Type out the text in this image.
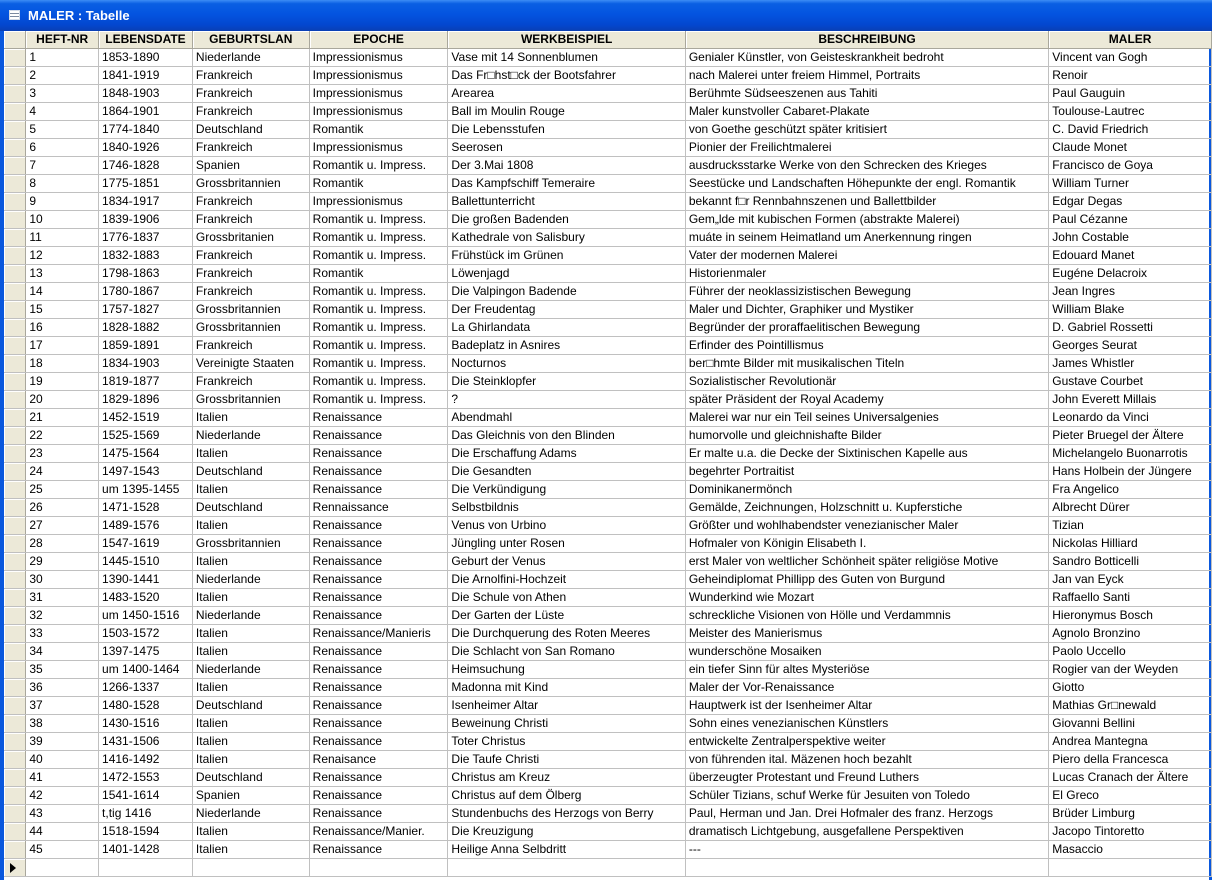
MALER : Tabelle
	HEFT-NR	LEBENSDATE	GEBURTSLAN	EPOCHE	WERKBEISPIEL	BESCHREIBUNG	MALER
	1	1853-1890	Niederlande	Impressionismus	Vase mit 14 Sonnenblumen	Genialer Künstler, von Geisteskrankheit bedroht	Vincent van Gogh
	2	1841-1919	Frankreich	Impressionismus	Das Fr□hst□ck der Bootsfahrer	nach Malerei unter freiem Himmel, Portraits	Renoir
	3	1848-1903	Frankreich	Impressionismus	Arearea	Berühmte Südseeszenen aus Tahiti	Paul Gauguin
	4	1864-1901	Frankreich	Impressionismus	Ball im Moulin Rouge	Maler kunstvoller Cabaret-Plakate	Toulouse-Lautrec
	5	1774-1840	Deutschland	Romantik	Die Lebensstufen	von Goethe geschützt später kritisiert	C. David Friedrich
	6	1840-1926	Frankreich	Impressionismus	Seerosen	Pionier der Freilichtmalerei	Claude Monet
	7	1746-1828	Spanien	Romantik u. Impress.	Der 3.Mai 1808	ausdrucksstarke Werke von den Schrecken des Krieges	Francisco de Goya
	8	1775-1851	Grossbritannien	Romantik	Das Kampfschiff Temeraire	Seestücke und Landschaften Höhepunkte der engl. Romantik	William Turner
	9	1834-1917	Frankreich	Impressionismus	Ballettunterricht	bekannt f□r Rennbahnszenen und Ballettbilder	Edgar Degas
	10	1839-1906	Frankreich	Romantik u. Impress.	Die großen Badenden	Gem„lde mit kubischen Formen (abstrakte Malerei)	Paul Cézanne
	11	1776-1837	Grossbritanien	Romantik u. Impress.	Kathedrale von Salisbury	muáte in seinem Heimatland um Anerkennung ringen	John Costable
	12	1832-1883	Frankreich	Romantik u. Impress.	Frühstück im Grünen	Vater der modernen Malerei	Edouard Manet
	13	1798-1863	Frankreich	Romantik	Löwenjagd	Historienmaler	Eugéne Delacroix
	14	1780-1867	Frankreich	Romantik u. Impress.	Die Valpingon Badende	Führer der neoklassizistischen Bewegung	Jean Ingres
	15	1757-1827	Grossbritannien	Romantik u. Impress.	Der Freudentag	Maler und Dichter, Graphiker und Mystiker	William Blake
	16	1828-1882	Grossbritannien	Romantik u. Impress.	La Ghirlandata	Begründer der proraffaelitischen Bewegung	D. Gabriel Rossetti
	17	1859-1891	Frankreich	Romantik u. Impress.	Badeplatz in Asnires	Erfinder des Pointillismus	Georges Seurat
	18	1834-1903	Vereinigte Staaten	Romantik u. Impress.	Nocturnos	ber□hmte Bilder mit musikalischen Titeln	James Whistler
	19	1819-1877	Frankreich	Romantik u. Impress.	Die Steinklopfer	Sozialistischer Revolutionär	Gustave Courbet
	20	1829-1896	Grossbritannien	Romantik u. Impress.	?	später Präsident der Royal Academy	John Everett Millais
	21	1452-1519	Italien	Renaissance	Abendmahl	Malerei war nur ein Teil seines Universalgenies	Leonardo da Vinci
	22	1525-1569	Niederlande	Renaissance	Das Gleichnis von den Blinden	humorvolle und gleichnishafte Bilder	Pieter Bruegel der Ältere
	23	1475-1564	Italien	Renaissance	Die Erschaffung Adams	Er malte u.a. die Decke der Sixtinischen Kapelle aus	Michelangelo Buonarrotis
	24	1497-1543	Deutschland	Renaissance	Die Gesandten	begehrter Portraitist	Hans Holbein der Jüngere
	25	um 1395-1455	Italien	Renaissance	Die Verkündigung	Dominikanermönch	Fra Angelico
	26	1471-1528	Deutschland	Rennaissance	Selbstbildnis	Gemälde, Zeichnungen, Holzschnitt u. Kupferstiche	Albrecht Dürer
	27	1489-1576	Italien	Renaissance	Venus von Urbino	Größter und wohlhabendster venezianischer Maler	Tizian
	28	1547-1619	Grossbritannien	Renaissance	Jüngling unter Rosen	Hofmaler von Königin Elisabeth I.	Nickolas Hilliard
	29	1445-1510	Italien	Renaissance	Geburt der Venus	erst Maler von weltlicher Schönheit später religiöse Motive	Sandro Botticelli
	30	1390-1441	Niederlande	Renaissance	Die Arnolfini-Hochzeit	Geheindiplomat Phillipp des Guten von Burgund	Jan van Eyck
	31	1483-1520	Italien	Renaissance	Die Schule von Athen	Wunderkind wie Mozart	Raffaello Santi
	32	um 1450-1516	Niederlande	Renaissance	Der Garten der Lüste	schreckliche Visionen von Hölle und Verdammnis	Hieronymus Bosch
	33	1503-1572	Italien	Renaissance/Manieris	Die Durchquerung des Roten Meeres	Meister des Manierismus	Agnolo Bronzino
	34	1397-1475	Italien	Renaissance	Die Schlacht von San Romano	wunderschöne Mosaiken	Paolo Uccello
	35	um 1400-1464	Niederlande	Renaissance	Heimsuchung	ein tiefer Sinn für altes Mysteriöse	Rogier van der Weyden
	36	1266-1337	Italien	Renaissance	Madonna mit Kind	Maler der Vor-Renaissance	Giotto
	37	1480-1528	Deutschland	Renaissance	Isenheimer Altar	Hauptwerk ist der Isenheimer Altar	Mathias Gr□newald
	38	1430-1516	Italien	Renaissance	Beweinung Christi	Sohn eines venezianischen Künstlers	Giovanni Bellini
	39	1431-1506	Italien	Renaissance	Toter Christus	entwickelte Zentralperspektive weiter	Andrea Mantegna
	40	1416-1492	Italien	Renaisance	Die Taufe Christi	von führenden ital. Mäzenen hoch bezahlt	Piero della Francesca
	41	1472-1553	Deutschland	Renaissance	Christus am Kreuz	überzeugter Protestant und Freund Luthers	Lucas Cranach der Ältere
	42	1541-1614	Spanien	Renaissance	Christus auf dem Ölberg	Schüler Tizians, schuf Werke für Jesuiten von Toledo	El Greco
	43	t,tig 1416	Niederlande	Renaissance	Stundenbuchs des Herzogs von Berry	Paul, Herman und Jan. Drei Hofmaler des franz. Herzogs	Brüder Limburg
	44	1518-1594	Italien	Renaissance/Manier.	Die Kreuzigung	dramatisch Lichtgebung, ausgefallene Perspektiven	Jacopo Tintoretto
	45	1401-1428	Italien	Renaissance	Heilige Anna Selbdritt	---	Masaccio
